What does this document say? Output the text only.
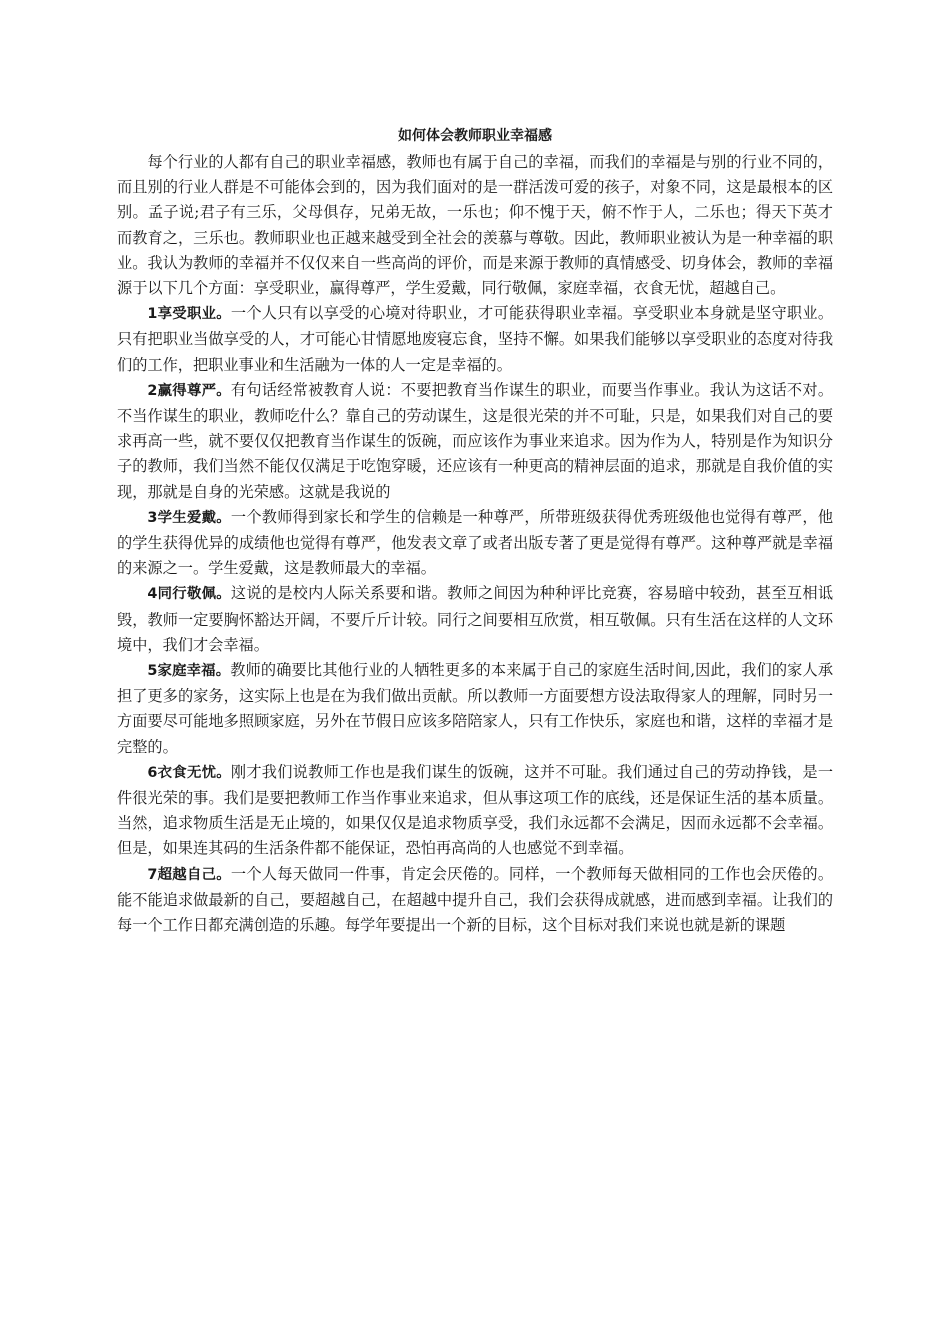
如何体会教师职业幸福感

每个行业的人都有自己的职业幸福感，教师也有属于自己的幸福，而我们的幸福是与别的行业不同的，而且别的行业人群是不可能体会到的，因为我们面对的是一群活泼可爱的孩子，对象不同，这是最根本的区别。孟子说;君子有三乐，父母俱存，兄弟无故，一乐也；仰不愧于天，俯不怍于人，二乐也；得天下英才而教育之，三乐也。教师职业也正越来越受到全社会的羡慕与尊敬。因此，教师职业被认为是一种幸福的职业。我认为教师的幸福并不仅仅来自一些高尚的评价，而是来源于教师的真情感受、切身体会，教师的幸福源于以下几个方面：享受职业，赢得尊严，学生爱戴，同行敬佩，家庭幸福，衣食无忧，超越自己。

1享受职业。一个人只有以享受的心境对待职业，才可能获得职业幸福。享受职业本身就是坚守职业。只有把职业当做享受的人，才可能心甘情愿地废寝忘食，坚持不懈。如果我们能够以享受职业的态度对待我们的工作，把职业事业和生活融为一体的人一定是幸福的。

2赢得尊严。有句话经常被教育人说：不要把教育当作谋生的职业，而要当作事业。我认为这话不对。不当作谋生的职业，教师吃什么？靠自己的劳动谋生，这是很光荣的并不可耻，只是，如果我们对自己的要求再高一些，就不要仅仅把教育当作谋生的饭碗，而应该作为事业来追求。因为作为人，特别是作为知识分子的教师，我们当然不能仅仅满足于吃饱穿暖，还应该有一种更高的精神层面的追求，那就是自我价值的实现，那就是自身的光荣感。这就是我说的

3学生爱戴。一个教师得到家长和学生的信赖是一种尊严，所带班级获得优秀班级他也觉得有尊严，他的学生获得优异的成绩他也觉得有尊严，他发表文章了或者出版专著了更是觉得有尊严。这种尊严就是幸福的来源之一。学生爱戴，这是教师最大的幸福。

4同行敬佩。这说的是校内人际关系要和谐。教师之间因为种种评比竞赛，容易暗中较劲，甚至互相诋毁，教师一定要胸怀豁达开阔，不要斤斤计较。同行之间要相互欣赏，相互敬佩。只有生活在这样的人文环境中，我们才会幸福。

5家庭幸福。教师的确要比其他行业的人牺牲更多的本来属于自己的家庭生活时间,因此，我们的家人承担了更多的家务，这实际上也是在为我们做出贡献。所以教师一方面要想方设法取得家人的理解，同时另一方面要尽可能地多照顾家庭，另外在节假日应该多陪陪家人，只有工作快乐，家庭也和谐，这样的幸福才是完整的。

6衣食无忧。刚才我们说教师工作也是我们谋生的饭碗，这并不可耻。我们通过自己的劳动挣钱，是一件很光荣的事。我们是要把教师工作当作事业来追求，但从事这项工作的底线，还是保证生活的基本质量。当然，追求物质生活是无止境的，如果仅仅是追求物质享受，我们永远都不会满足，因而永远都不会幸福。但是，如果连其码的生活条件都不能保证，恐怕再高尚的人也感觉不到幸福。

7超越自己。一个人每天做同一件事，肯定会厌倦的。同样，一个教师每天做相同的工作也会厌倦的。能不能追求做最新的自己，要超越自己，在超越中提升自己，我们会获得成就感，进而感到幸福。让我们的每一个工作日都充满创造的乐趣。每学年要提出一个新的目标，这个目标对我们来说也就是新的课题
